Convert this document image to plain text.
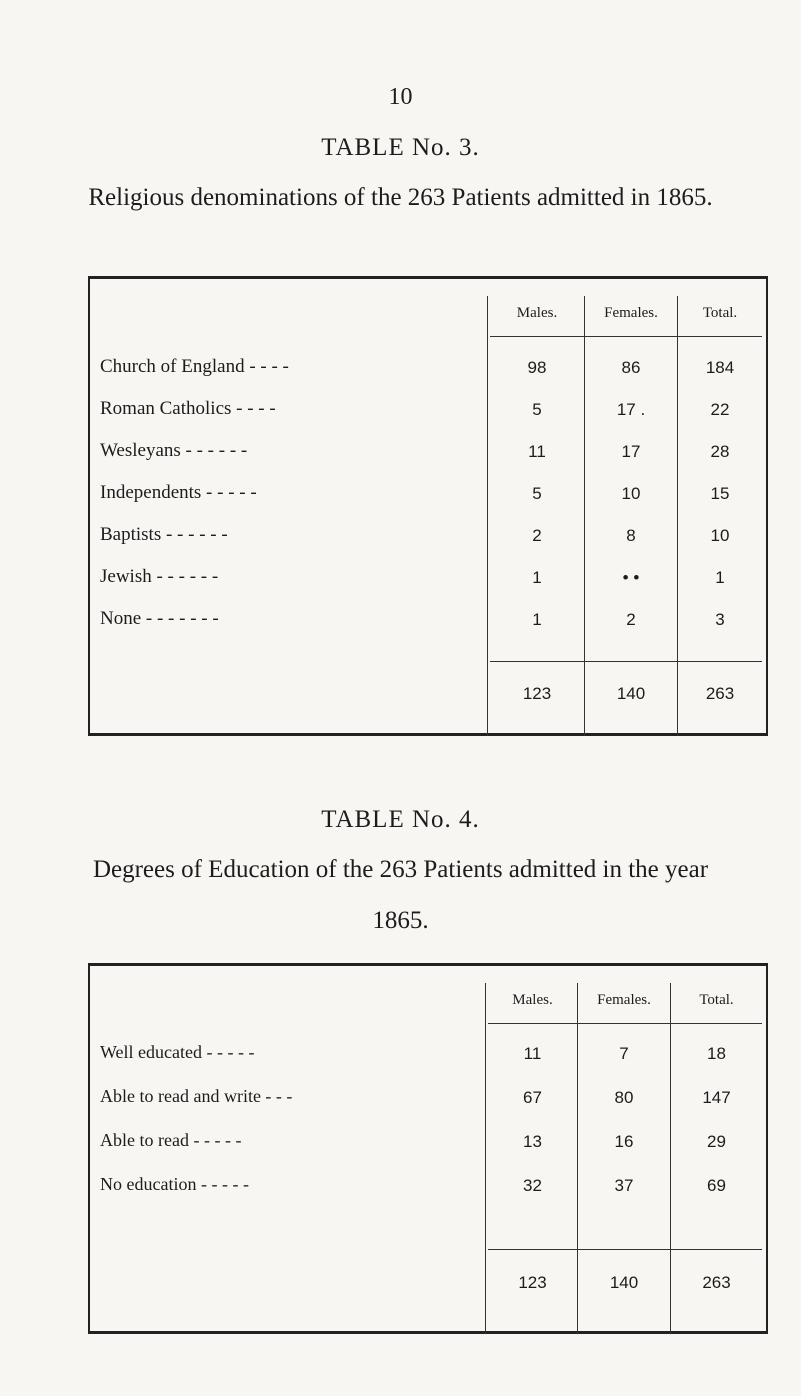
10
TABLE No. 3.
Religious denominations of the 263 Patients admitted in 1865.
Males.	Females.	Total.
Church of England - - - -	98	86	184
Roman Catholics - - - -	5	17 .	22
Wesleyans - - - - - -	11	17	28
Independents - - - - -	5	10	15
Baptists - - - - - -	2	8	10
Jewish - - - - - -	1	• •	1
None - - - - - - -	1	2	3
123	140	263
TABLE No. 4.
Degrees of Education of the 263 Patients admitted in the year
1865.
Males.	Females.	Total.
Well educated - - - - -	11	7	18
Able to read and write - - -	67	80	147
Able to read - - - - -	13	16	29
No education - - - - -	32	37	69
123	140	263
